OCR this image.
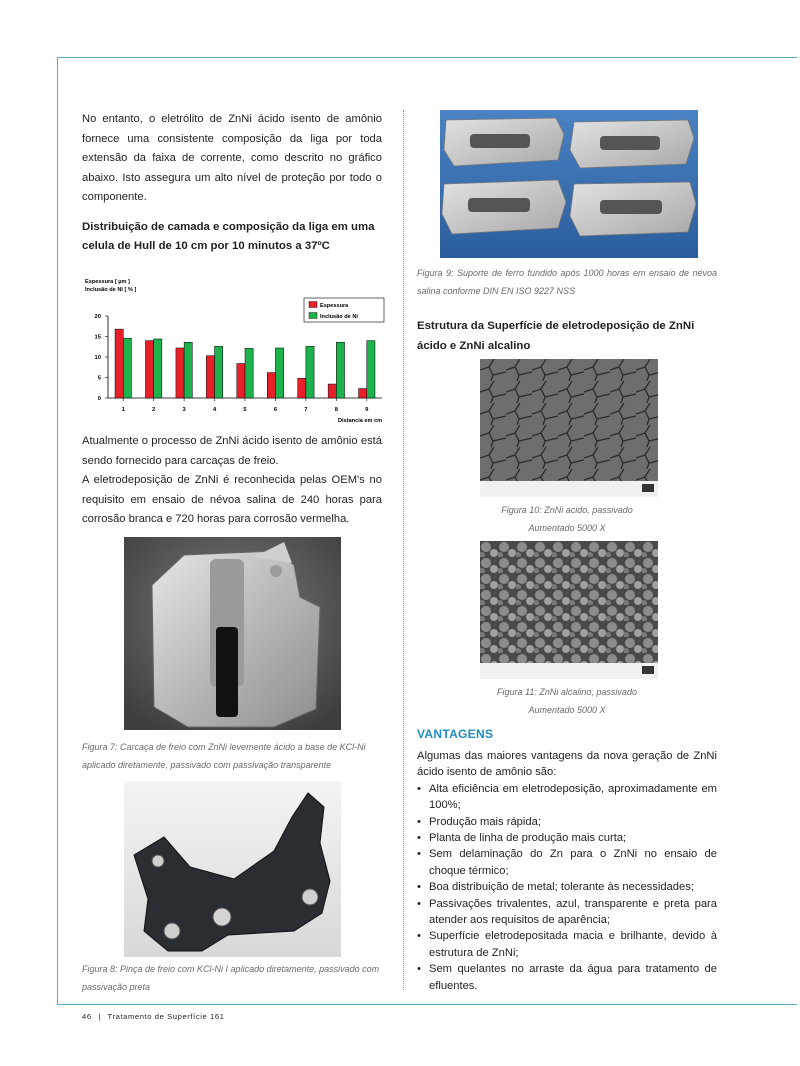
No entanto, o eletrólito de ZnNi ácido isento de amônio fornece uma consistente composição da liga por toda extensão da faixa de corrente, como descrito no gráfico abaixo. Isto assegura um alto nível de proteção por todo o componente.

Distribuição de camada e composição da liga em uma celula de Hull de 10 cm por 10 minutos a 37ºC

Espessura [ µm ]
Inclusão de Ni [ % ]
0
5
10
15
20
1	2	3	4	5	6	7	8	9
Espessura
Inclusão de Ni
Distancia em cm

Atualmente o processo de ZnNi ácido isento de amônio está sendo fornecido para carcaças de freio.

A eletrodeposição de ZnNi é reconhecida pelas OEM's no requisito em ensaio de névoa salina de 240 horas para corrosão branca e 720 horas para corrosão vermelha.

Figura 7: Carcaça de freio com ZnNi levemente ácido a base de KCl-Ni aplicado diretamente, passivado com passivação transparente

Figura 8: Pinça de freio com KCl-Ni I aplicado diretamente, passivado com passivação preta

Figura 9: Suporte de ferro fundido após 1000 horas em ensaio de névoa salina conforme DIN EN ISO 9227 NSS

Estrutura da Superfície de eletrodeposição de ZnNi ácido e ZnNi alcalino

Figura 10: ZnNi acido, passivado

Aumentado 5000 X

Figura 11: ZnNi alcalino, passivado

Aumentado 5000 X

VANTAGENS

Algumas das maiores vantagens da nova geração de ZnNi ácido isento de amônio são:

• Alta eficiência em eletrodeposição, aproximadamente em 100%;
• Produção mais rápida;
• Planta de linha de produção mais curta;
• Sem delaminação do Zn para o ZnNi no ensaio de choque térmico;
• Boa distribuição de metal; tolerante às necessidades;
• Passivações trivalentes, azul, transparente e preta para atender aos requisitos de aparência;
• Superfície eletrodepositada macia e brilhante, devido à estrutura de ZnNi;
• Sem quelantes no arraste da água para tratamento de efluentes.
46 | Tratamento de Superfície 161
